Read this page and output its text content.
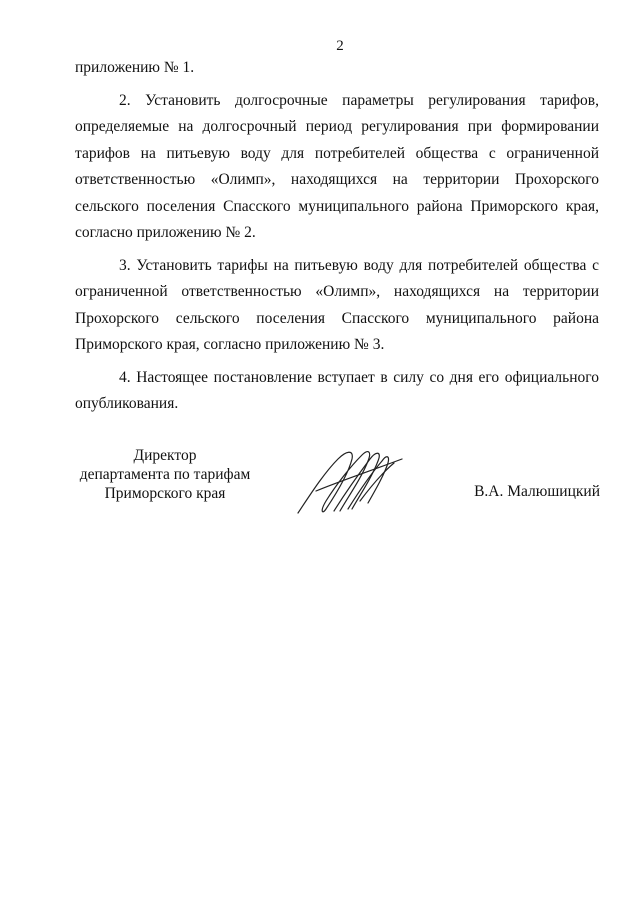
2

приложению № 1.

2. Установить долгосрочные параметры регулирования тарифов, определяемые на долгосрочный период регулирования при формировании тарифов на питьевую воду для потребителей общества с ограниченной ответственностью «Олимп», находящихся на территории Прохорского сельского поселения Спасского муниципального района Приморского края, согласно приложению № 2.

3. Установить тарифы на питьевую воду для потребителей общества с ограниченной ответственностью «Олимп», находящихся на территории Прохорского сельского поселения Спасского муниципального района Приморского края, согласно приложению № 3.

4. Настоящее постановление вступает в силу со дня его официального опубликования.

Директор
департамента по тарифам
Приморского края	В.А. Малюшицкий
